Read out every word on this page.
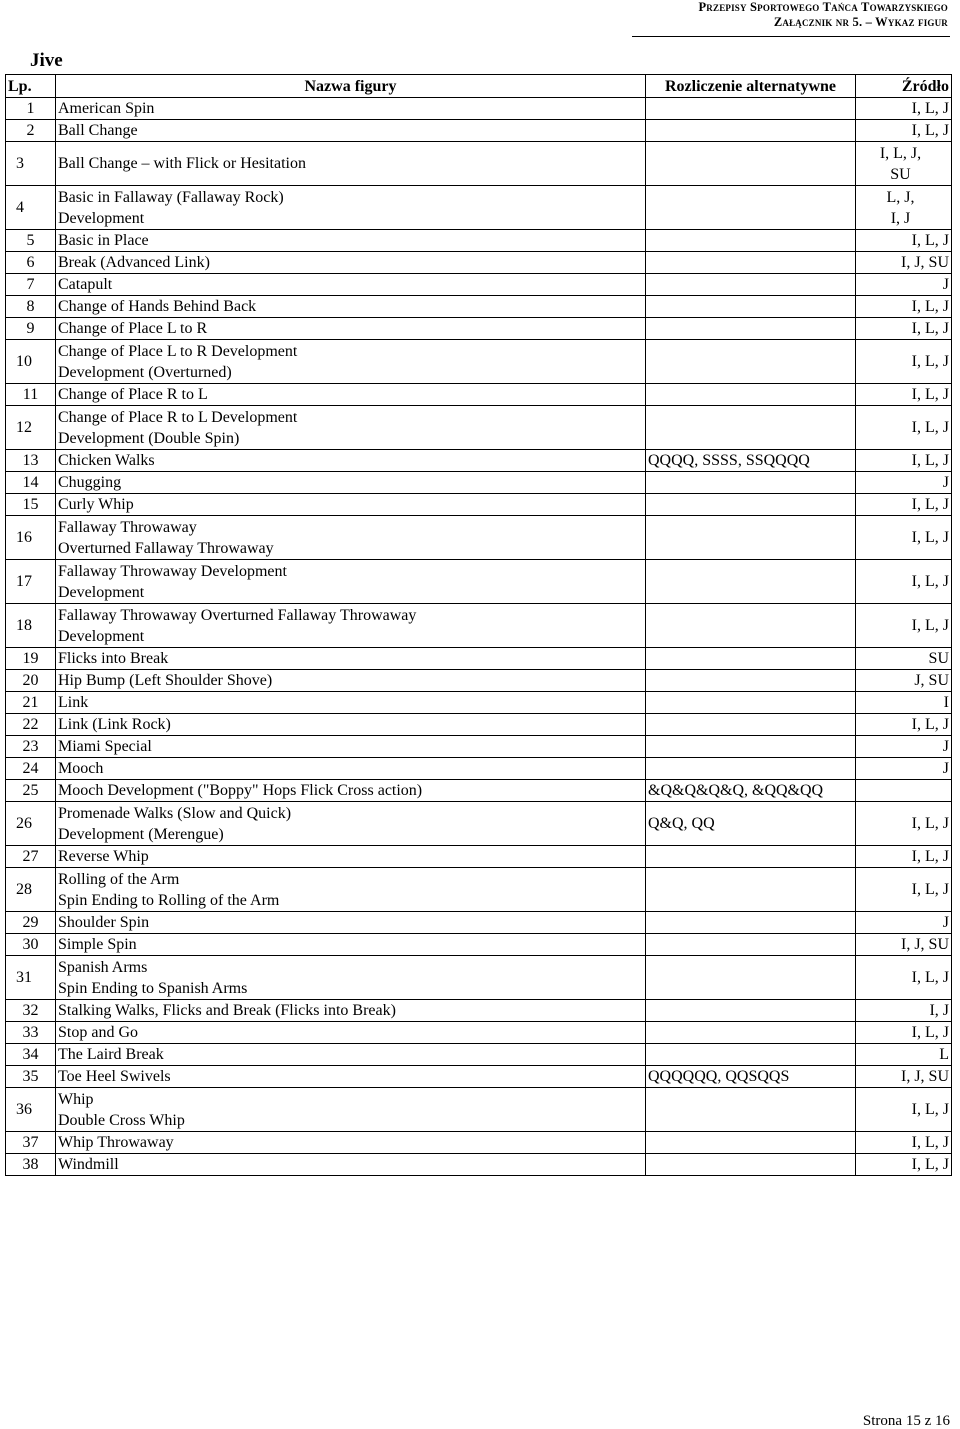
Przepisy Sportowego Tańca Towarzyskiego
Załącznik nr 5. – Wykaz figur
Jive
Lp.	Nazwa figury	Rozliczenie alternatywne	Źródło
1	American Spin		I, L, J

2	Ball Change		I, L, J

3	Ball Change – with Flick or Hesitation		I, L, J,
SU

4	Basic in Fallaway (Fallaway Rock)
Development		L, J,
I, J

5	Basic in Place		I, L, J

6	Break (Advanced Link)		I, J, SU

7	Catapult		J

8	Change of Hands Behind Back		I, L, J

9	Change of Place L to R		I, L, J

10	Change of Place L to R Development
Development (Overturned)		I, L, J

11	Change of Place R to L		I, L, J

12	Change of Place R to L Development
Development (Double Spin)		I, L, J

13	Chicken Walks	QQQQ, SSSS, SSQQQQ	I, L, J

14	Chugging		J

15	Curly Whip		I, L, J

16	Fallaway Throwaway
Overturned Fallaway Throwaway		I, L, J

17	Fallaway Throwaway Development
Development		I, L, J

18	Fallaway Throwaway Overturned Fallaway Throwaway
Development		I, L, J

19	Flicks into Break		SU

20	Hip Bump (Left Shoulder Shove)		J, SU

21	Link		I

22	Link (Link Rock)		I, L, J

23	Miami Special		J

24	Mooch		J

25	Mooch Development ("Boppy" Hops Flick Cross action)	&Q&Q&Q&Q, &QQ&QQ	

26	Promenade Walks (Slow and Quick)
Development (Merengue)	Q&Q, QQ	I, L, J

27	Reverse Whip		I, L, J

28	Rolling of the Arm
Spin Ending to Rolling of the Arm		I, L, J

29	Shoulder Spin		J

30	Simple Spin		I, J, SU

31	Spanish Arms
Spin Ending to Spanish Arms		I, L, J

32	Stalking Walks, Flicks and Break (Flicks into Break)		I, J

33	Stop and Go		I, L, J

34	The Laird Break		L

35	Toe Heel Swivels	QQQQQQ, QQSQQS	I, J, SU

36	Whip
Double Cross Whip		I, L, J

37	Whip Throwaway		I, L, J

38	Windmill		I, L, J
Strona 15 z 16
